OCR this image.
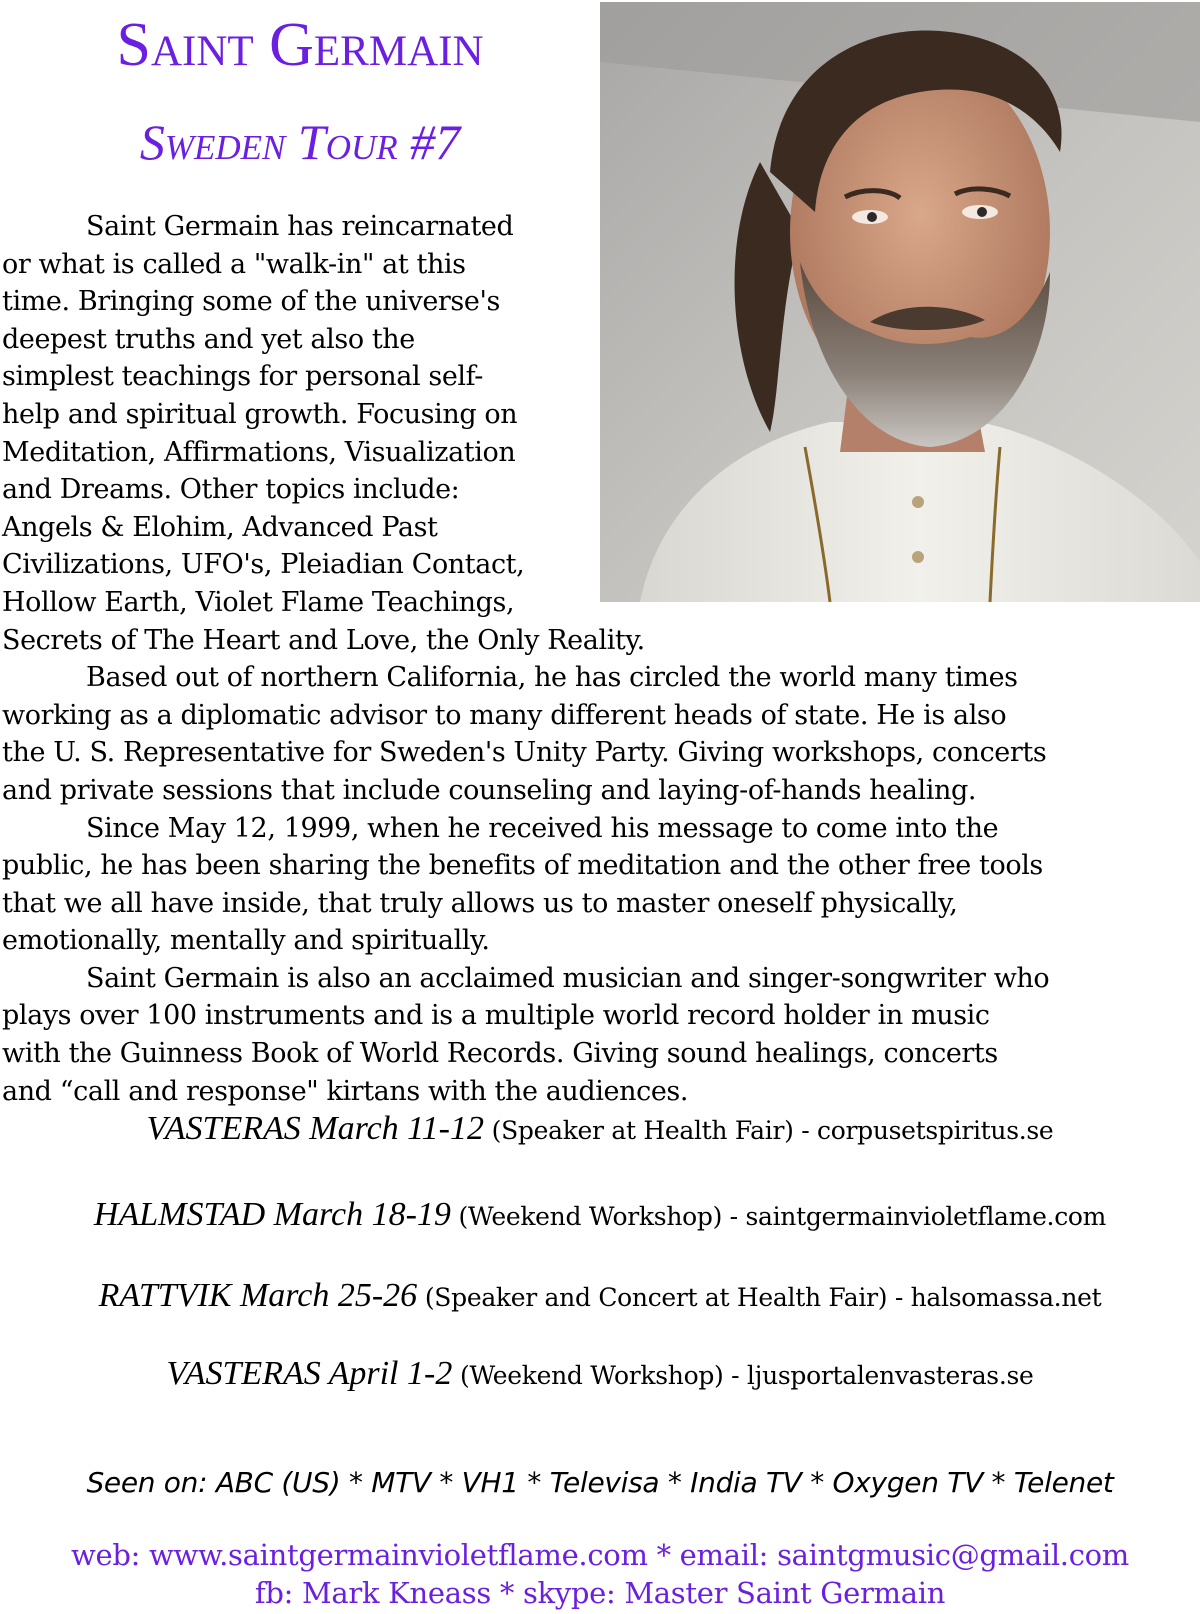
Saint Germain
Sweden Tour #7

Saint Germain has reincarnated
or what is called a "walk-in" at this
time. Bringing some of the universe's
deepest truths and yet also the
simplest teachings for personal self-
help and spiritual growth. Focusing on
Meditation, Affirmations, Visualization
and Dreams. Other topics include:
Angels & Elohim, Advanced Past
Civilizations, UFO's, Pleiadian Contact,
Hollow Earth, Violet Flame Teachings,
Secrets of The Heart and Love, the Only Reality.

Based out of northern California, he has circled the world many times
working as a diplomatic advisor to many different heads of state. He is also
the U. S. Representative for Sweden's Unity Party. Giving workshops, concerts
and private sessions that include counseling and laying-of-hands healing.

Since May 12, 1999, when he received his message to come into the
public, he has been sharing the benefits of meditation and the other free tools
that we all have inside, that truly allows us to master oneself physically,
emotionally, mentally and spiritually.

Saint Germain is also an acclaimed musician and singer-songwriter who
plays over 100 instruments and is a multiple world record holder in music
with the Guinness Book of World Records. Giving sound healings, concerts
and “call and response" kirtans with the audiences.

VASTERAS March 11-12 (Speaker at Health Fair) - corpusetspiritus.se
HALMSTAD March 18-19 (Weekend Workshop) - saintgermainvioletflame.com
RATTVIK March 25-26 (Speaker and Concert at Health Fair) - halsomassa.net
VASTERAS April 1-2 (Weekend Workshop) - ljusportalenvasteras.se
Seen on: ABC (US) * MTV * VH1 * Televisa * India TV * Oxygen TV * Telenet
web: www.saintgermainvioletflame.com * email: saintgmusic@gmail.com
fb: Mark Kneass * skype: Master Saint Germain
